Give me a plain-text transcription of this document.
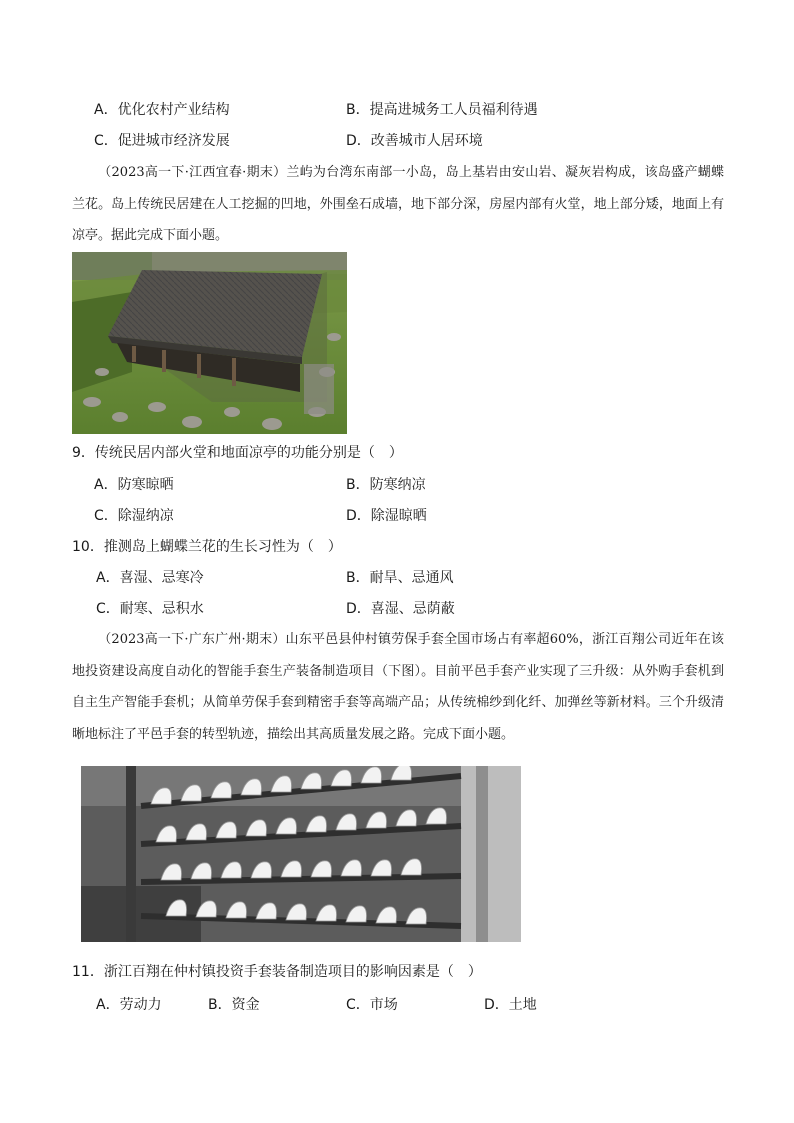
A．优化农村产业结构	B．提高进城务工人员福利待遇
C．促进城市经济发展	D．改善城市人居环境
（2023高一下·江西宜春·期末）兰屿为台湾东南部一小岛，岛上基岩由安山岩、凝灰岩构成，该岛盛产蝴蝶兰花。岛上传统民居建在人工挖掘的凹地，外围垒石成墙，地下部分深，房屋内部有火堂，地上部分矮，地面上有凉亭。据此完成下面小题。
9．传统民居内部火堂和地面凉亭的功能分别是（　）
A．防寒晾晒	B．防寒纳凉
C．除湿纳凉	D．除湿晾晒
10．推测岛上蝴蝶兰花的生长习性为（　）
A．喜湿、忌寒冷	B．耐旱、忌通风
C．耐寒、忌积水	D．喜湿、忌荫蔽
（2023高一下·广东广州·期末）山东平邑县仲村镇劳保手套全国市场占有率超60%，浙江百翔公司近年在该地投资建设高度自动化的智能手套生产装备制造项目（下图）。目前平邑手套产业实现了三升级：从外购手套机到自主生产智能手套机；从简单劳保手套到精密手套等高端产品；从传统棉纱到化纤、加弹丝等新材料。三个升级清晰地标注了平邑手套的转型轨迹，描绘出其高质量发展之路。完成下面小题。
11．浙江百翔在仲村镇投资手套装备制造项目的影响因素是（　）
A．劳动力	B．资金	C．市场	D．土地
